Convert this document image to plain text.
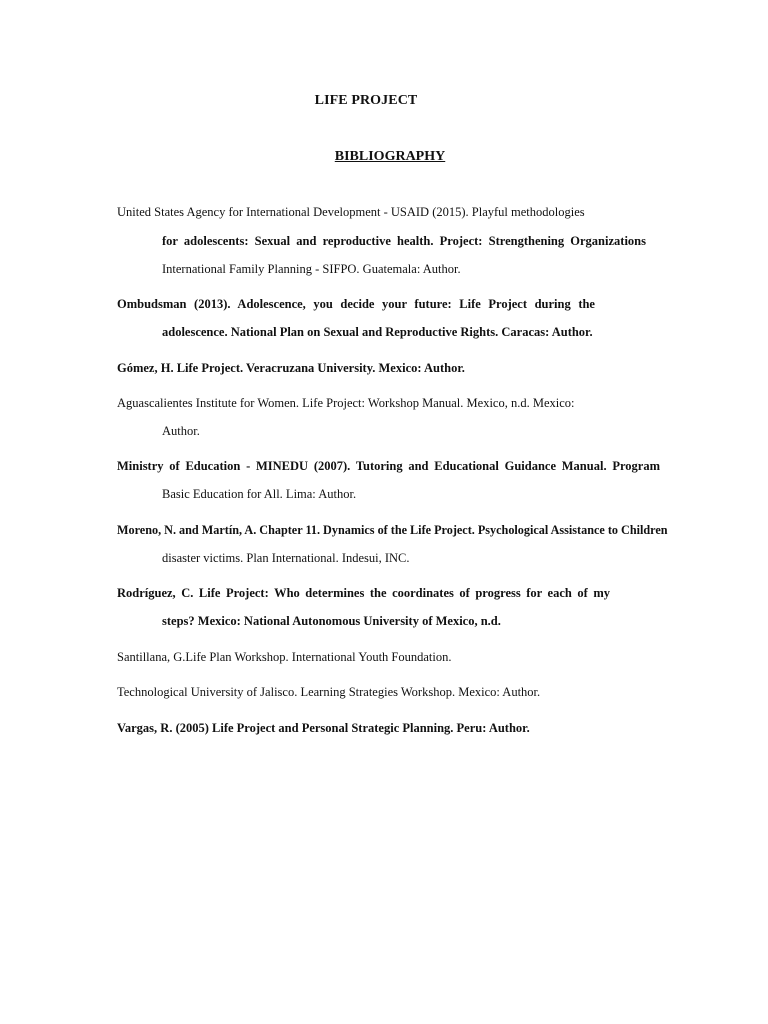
LIFE PROJECT
BIBLIOGRAPHY
United States Agency for International Development - USAID (2015). Playful methodologies
for adolescents: Sexual and reproductive health. Project: Strengthening Organizations
International Family Planning - SIFPO. Guatemala: Author.
Ombudsman (2013). Adolescence, you decide your future: Life Project during the
adolescence. National Plan on Sexual and Reproductive Rights. Caracas: Author.
Gómez, H. Life Project. Veracruzana University. Mexico: Author.
Aguascalientes Institute for Women. Life Project: Workshop Manual. Mexico, n.d. Mexico:
Author.
Ministry of Education - MINEDU (2007). Tutoring and Educational Guidance Manual. Program
Basic Education for All. Lima: Author.
Moreno, N. and Martín, A. Chapter 11. Dynamics of the Life Project. Psychological Assistance to Children
disaster victims. Plan International. Indesui, INC.
Rodríguez, C. Life Project: Who determines the coordinates of progress for each of my
steps? Mexico: National Autonomous University of Mexico, n.d.
Santillana, G.Life Plan Workshop. International Youth Foundation.
Technological University of Jalisco. Learning Strategies Workshop. Mexico: Author.
Vargas, R. (2005) Life Project and Personal Strategic Planning. Peru: Author.
